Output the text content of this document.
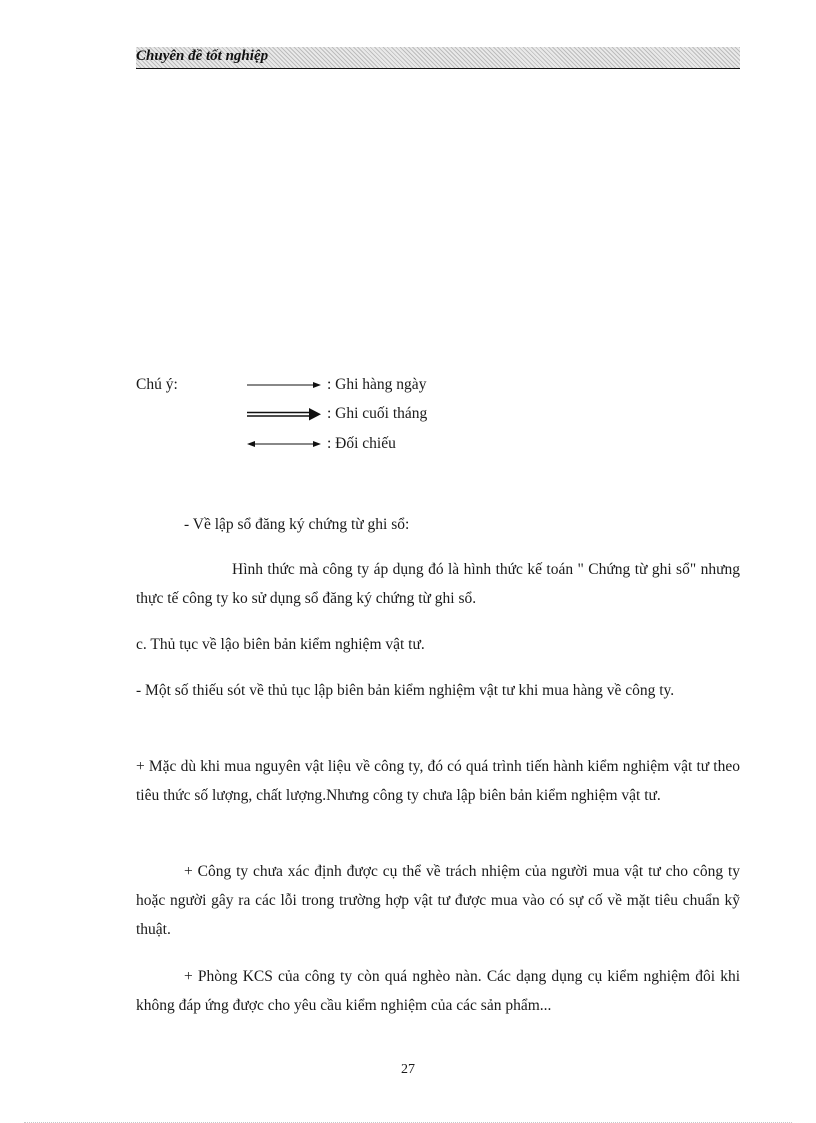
Chuyên đề tốt nghiệp
Chú ý:	: Ghi hàng ngày
: Ghi cuối tháng
: Đối chiếu

- Về lập sổ đăng ký chứng từ ghi sổ:

Hình thức mà công ty áp dụng đó là hình thức kế toán " Chứng từ ghi sổ" nhưng thực tế công ty ko sử dụng sổ đăng ký chứng từ ghi sổ.

c. Thủ tục về lậo biên bản kiểm nghiệm vật tư.

- Một số thiếu sót về thủ tục lập biên bản kiểm nghiệm vật tư khi mua hàng về công ty.

+ Mặc dù khi mua nguyên vật liệu về công ty, đó có quá trình tiến hành kiểm nghiệm vật tư theo tiêu thức số lượng, chất lượng.Nhưng công ty chưa lập biên bản kiểm nghiệm vật tư.

+ Công ty chưa xác định được cụ thể về trách nhiệm của người mua vật tư cho công ty hoặc người gây ra các lỗi trong trường hợp vật tư được mua vào có sự cố về mặt tiêu chuẩn kỹ thuật.

+ Phòng KCS của công ty còn quá nghèo nàn. Các dạng dụng cụ kiểm nghiệm đôi khi không đáp ứng được cho yêu cầu kiểm nghiệm của các sản phẩm...

27
